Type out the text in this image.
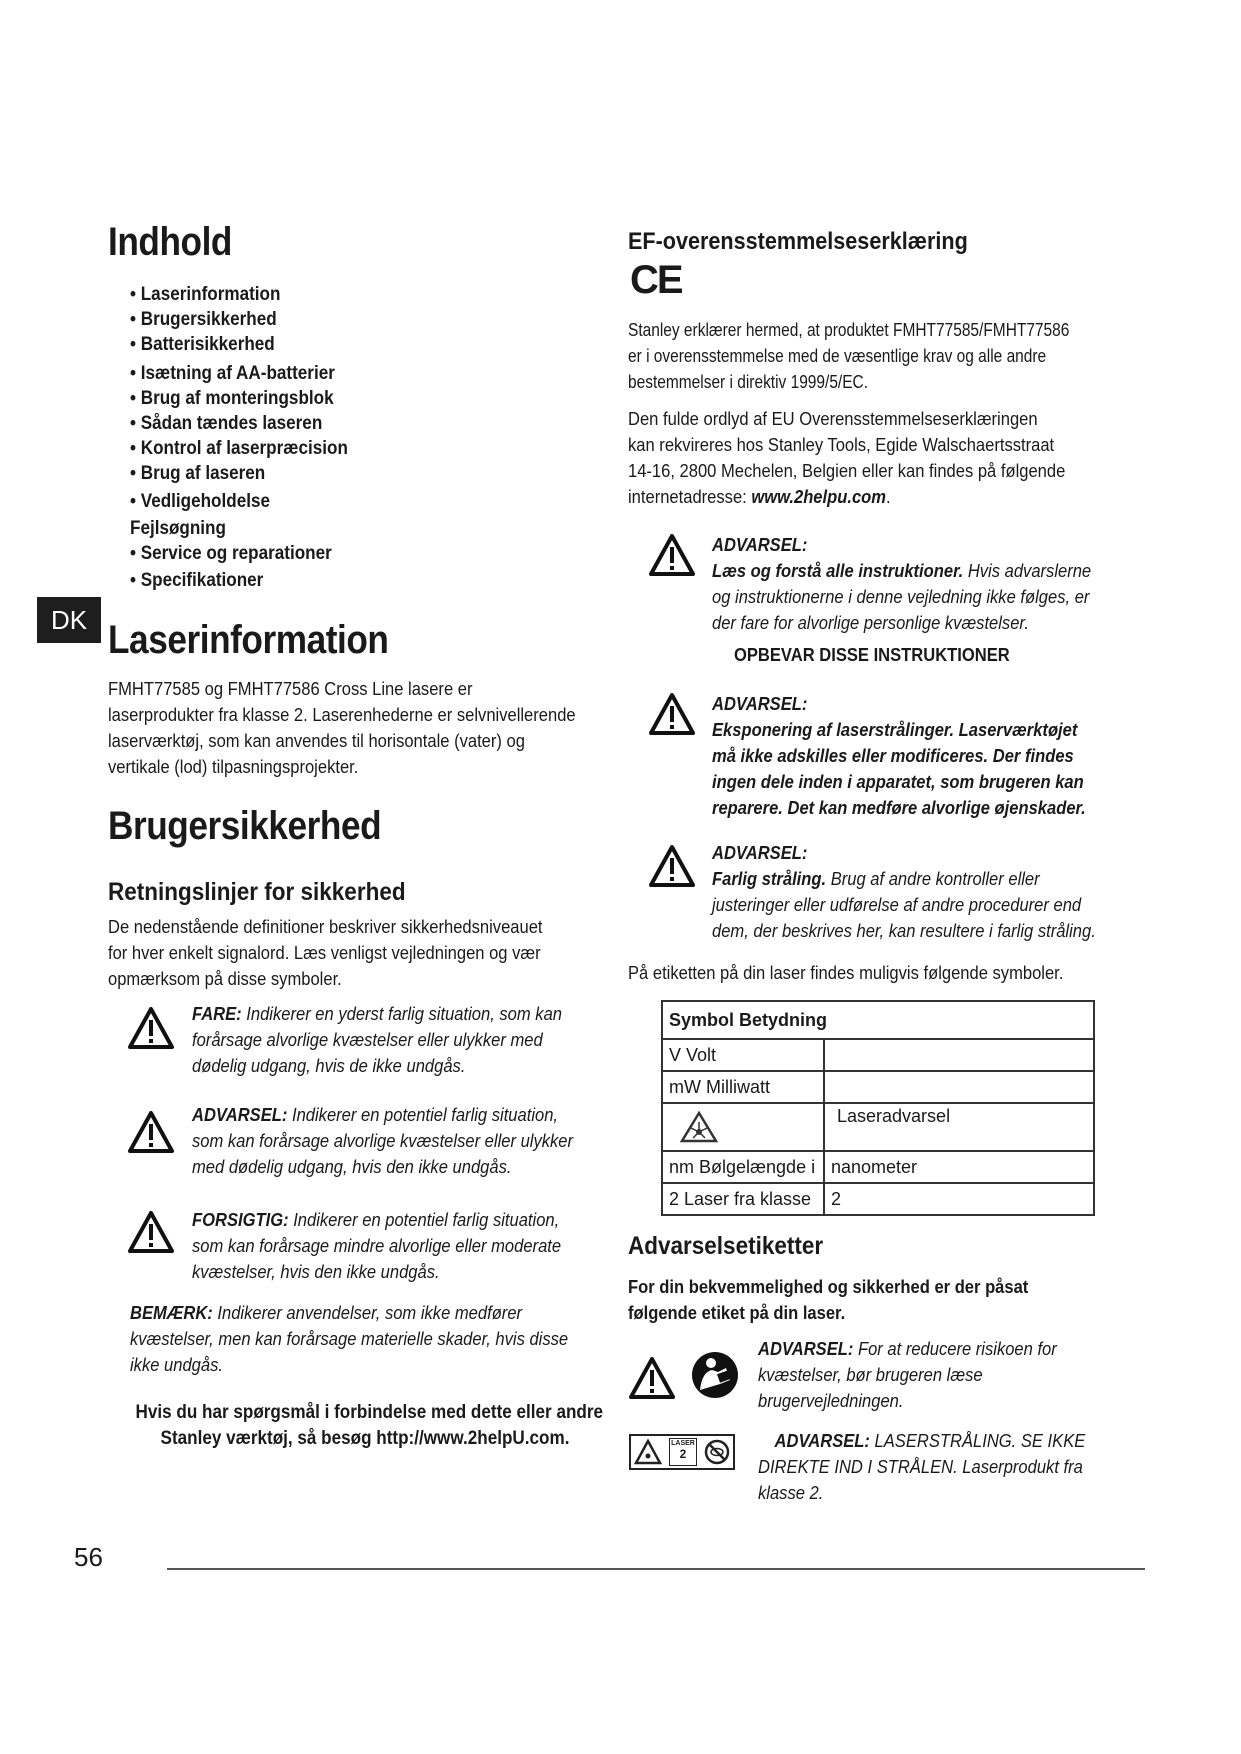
Indhold
• Laserinformation
• Brugersikkerhed
• Batterisikkerhed
• Isætning af AA-batterier
• Brug af monteringsblok
• Sådan tændes laseren
• Kontrol af laserpræcision
• Brug af laseren
• Vedligeholdelse
Fejlsøgning
• Service og reparationer
• Specifikationer
DK Laserinformation
FMHT77585 og FMHT77586 Cross Line lasere er
laserprodukter fra klasse 2. Laserenhederne er selvnivellerende
laserværktøj, som kan anvendes til horisontale (vater) og
vertikale (lod) tilpasningsprojekter.
Brugersikkerhed
Retningslinjer for sikkerhed
De nedenstående definitioner beskriver sikkerhedsniveauet
for hver enkelt signalord. Læs venligst vejledningen og vær
opmærksom på disse symboler.
FARE: Indikerer en yderst farlig situation, som kan
forårsage alvorlige kvæstelser eller ulykker med
dødelig udgang, hvis de ikke undgås.
ADVARSEL: Indikerer en potentiel farlig situation,
som kan forårsage alvorlige kvæstelser eller ulykker
med dødelig udgang, hvis den ikke undgås.
FORSIGTIG: Indikerer en potentiel farlig situation,
som kan forårsage mindre alvorlige eller moderate
kvæstelser, hvis den ikke undgås.
BEMÆRK: Indikerer anvendelser, som ikke medfører
kvæstelser, men kan forårsage materielle skader, hvis disse
ikke undgås.
Hvis du har spørgsmål i forbindelse med dette eller andre
Stanley værktøj, så besøg http://www.2helpU.com.
56
EF-overensstemmelseserklæring
CE
Stanley erklærer hermed, at produktet FMHT77585/FMHT77586
er i overensstemmelse med de væsentlige krav og alle andre
bestemmelser i direktiv 1999/5/EC.
Den fulde ordlyd af EU Overensstemmelseserklæringen
kan rekvireres hos Stanley Tools, Egide Walschaertsstraat
14-16, 2800 Mechelen, Belgien eller kan findes på følgende
internetadresse: www.2helpu.com.
ADVARSEL:
Læs og forstå alle instruktioner. Hvis advarslerne
og instruktionerne i denne vejledning ikke følges, er
der fare for alvorlige personlige kvæstelser.
OPBEVAR DISSE INSTRUKTIONER
ADVARSEL:
Eksponering af laserstrålinger. Laserværktøjet
må ikke adskilles eller modificeres. Der findes
ingen dele inden i apparatet, som brugeren kan
reparere. Det kan medføre alvorlige øjenskader.
ADVARSEL:
Farlig stråling. Brug af andre kontroller eller
justeringer eller udførelse af andre procedurer end
dem, der beskrives her, kan resultere i farlig stråling.
På etiketten på din laser findes muligvis følgende symboler.
Symbol Betydning	
V Volt	
mW Milliwatt	

	Laseradvarsel
nm Bølgelængde i	nanometer
2 Laser fra klasse	2
Advarselsetiketter
For din bekvemmelighed og sikkerhed er der påsat
følgende etiket på din laser.
ADVARSEL: For at reducere risikoen for
kvæstelser, bør brugeren læse
brugervejledningen.
LASER
2
ADVARSEL: LASERSTRÅLING. SE IKKE
DIREKTE IND I STRÅLEN. Laserprodukt fra
klasse 2.
